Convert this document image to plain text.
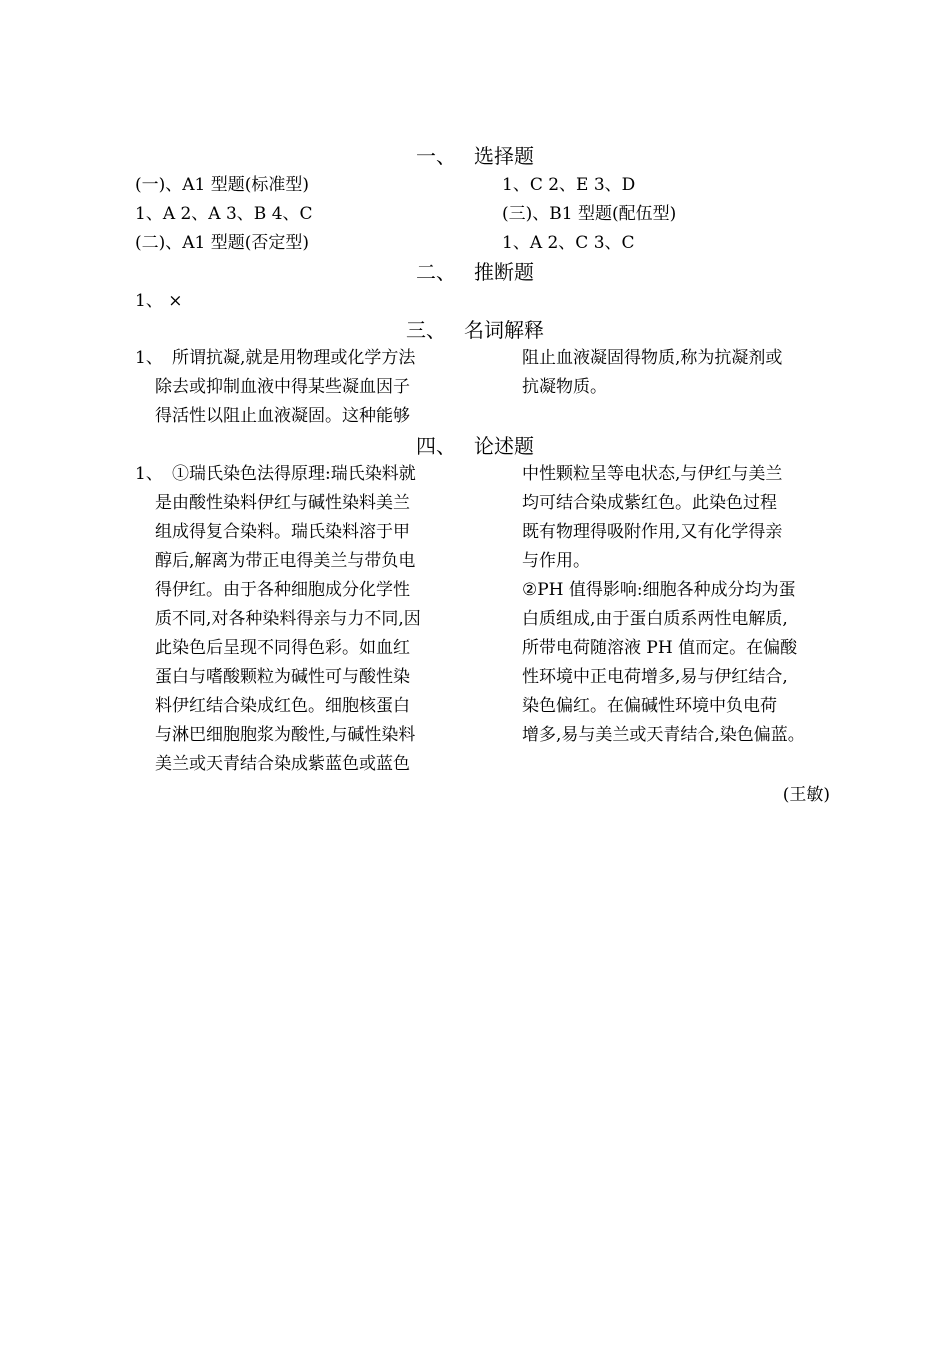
一、 选择题
(一)、A1 型题(标准型)
1、A 2、A 3、B 4、C
(二)、A1 型题(否定型)
1、C 2、E 3、D
(三)、B1 型题(配伍型)
1、A 2、C 3、C
二、 推断题
1、 ×
三、 名词解释
1、 所谓抗凝,就是用物理或化学方法
除去或抑制血液中得某些凝血因子
得活性以阻止血液凝固。这种能够
阻止血液凝固得物质,称为抗凝剂或
抗凝物质。
四、 论述题
1、 ①瑞氏染色法得原理:瑞氏染料就
是由酸性染料伊红与碱性染料美兰
组成得复合染料。瑞氏染料溶于甲
醇后,解离为带正电得美兰与带负电
得伊红。由于各种细胞成分化学性
质不同,对各种染料得亲与力不同,因
此染色后呈现不同得色彩。如血红
蛋白与嗜酸颗粒为碱性可与酸性染
料伊红结合染成红色。细胞核蛋白
与淋巴细胞胞浆为酸性,与碱性染料
美兰或天青结合染成紫蓝色或蓝色
中性颗粒呈等电状态,与伊红与美兰
均可结合染成紫红色。此染色过程
既有物理得吸附作用,又有化学得亲
与作用。
②PH 值得影响:细胞各种成分均为蛋
白质组成,由于蛋白质系两性电解质,
所带电荷随溶液 PH 值而定。在偏酸
性环境中正电荷增多,易与伊红结合,
染色偏红。在偏碱性环境中负电荷
增多,易与美兰或天青结合,染色偏蓝。
(王敏)
